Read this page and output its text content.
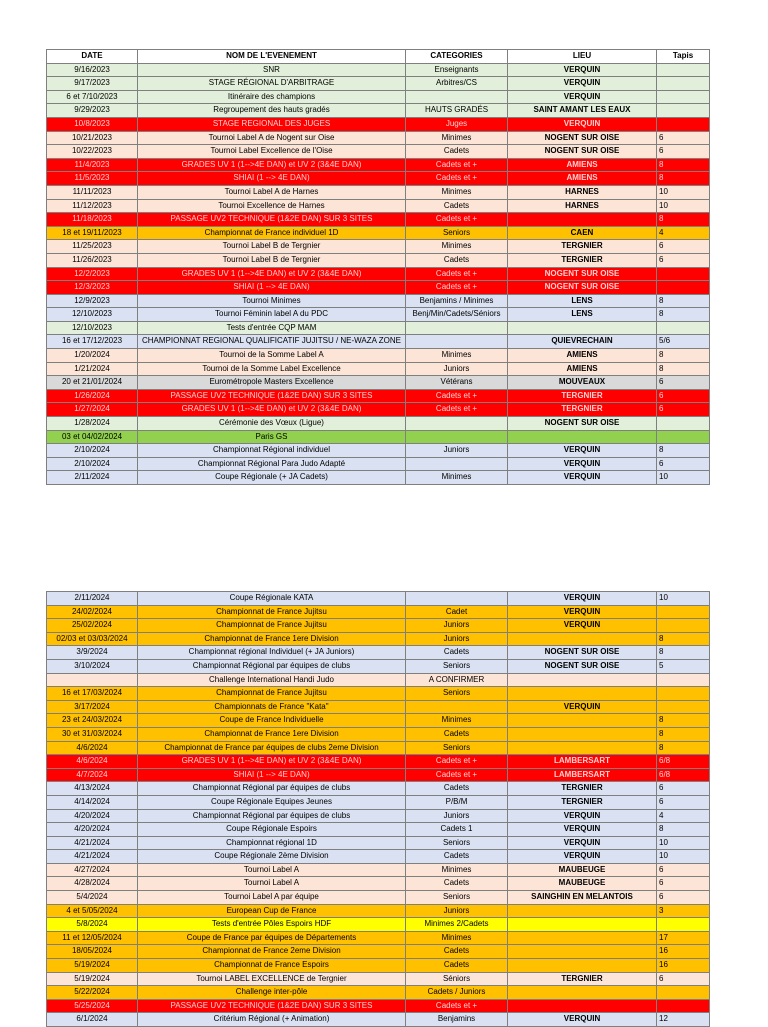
DATE	NOM DE L'EVENEMENT	CATEGORIES	LIEU	Tapis
9/16/2023	SNR	Enseignants	VERQUIN	
9/17/2023	STAGE RÉGIONAL D'ARBITRAGE	Arbitres/CS	VERQUIN	
6 et 7/10/2023	Itinéraire des champions		VERQUIN	
9/29/2023	Regroupement des hauts gradés	HAUTS GRADÉS	SAINT AMANT LES EAUX	
10/8/2023	STAGE REGIONAL DES JUGES	Juges	VERQUIN	
10/21/2023	Tournoi Label A de Nogent sur Oise	Minimes	NOGENT SUR OISE	6
10/22/2023	Tournoi Label Excellence de l'Oise	Cadets	NOGENT SUR OISE	6
11/4/2023	GRADES UV 1 (1-->4E DAN) et UV 2 (3&4E DAN)	Cadets et +	AMIENS	8
11/5/2023	SHIAI (1 --> 4E DAN)	Cadets et +	AMIENS	8
11/11/2023	Tournoi Label A de Harnes	Minimes	HARNES	10
11/12/2023	Tournoi Excellence de Harnes	Cadets	HARNES	10
11/18/2023	PASSAGE UV2 TECHNIQUE (1&2E DAN) SUR 3 SITES	Cadets et +		8
18 et 19/11/2023	Championnat de France individuel 1D	Seniors	CAEN	4
11/25/2023	Tournoi Label B de Tergnier	Minimes	TERGNIER	6
11/26/2023	Tournoi Label B de Tergnier	Cadets	TERGNIER	6
12/2/2023	GRADES UV 1 (1-->4E DAN) et UV 2 (3&4E DAN)	Cadets et +	NOGENT SUR OISE	
12/3/2023	SHIAI (1 --> 4E DAN)	Cadets et +	NOGENT SUR OISE	
12/9/2023	Tournoi Minimes	Benjamins / Minimes	LENS	8
12/10/2023	Tournoi Féminin label A du PDC	Benj/Min/Cadets/Séniors	LENS	8
12/10/2023	Tests d'entrée CQP MAM			
16 et 17/12/2023	CHAMPIONNAT REGIONAL QUALIFICATIF JUJITSU / NE-WAZA ZONE		QUIEVRECHAIN	5/6
1/20/2024	Tournoi de la Somme Label A	Minimes	AMIENS	8
1/21/2024	Tournoi de la Somme Label Excellence	Juniors	AMIENS	8
20 et 21/01/2024	Eurométropole Masters Excellence	Vétérans	MOUVEAUX	6
1/26/2024	PASSAGE UV2 TECHNIQUE (1&2E DAN) SUR 3 SITES	Cadets et +	TERGNIER	6
1/27/2024	GRADES UV 1 (1-->4E DAN) et UV 2 (3&4E DAN)	Cadets et +	TERGNIER	6
1/28/2024	Cérémonie des Vœux (Ligue)		NOGENT SUR OISE	
03 et 04/02/2024	Paris GS			
2/10/2024	Championnat Régional individuel	Juniors	VERQUIN	8
2/10/2024	Championnat Régional Para Judo Adapté		VERQUIN	6
2/11/2024	Coupe Régionale (+ JA Cadets)	Minimes	VERQUIN	10
2/11/2024	Coupe Régionale KATA		VERQUIN	10
24/02/2024	Championnat de France Jujitsu	Cadet	VERQUIN	
25/02/2024	Championnat de France Jujitsu	Juniors	VERQUIN	
02/03 et 03/03/2024	Championnat de France 1ere Division	Juniors		8
3/9/2024	Championnat régional Individuel (+ JA Juniors)	Cadets	NOGENT SUR OISE	8
3/10/2024	Championnat Régional par équipes de clubs	Seniors	NOGENT SUR OISE	5
	Challenge International Handi Judo	A CONFIRMER		
16 et 17/03/2024	Championnat de France Jujitsu	Seniors		
3/17/2024	Championnats de France "Kata"		VERQUIN	
23 et 24/03/2024	Coupe de France Individuelle	Minimes		8
30 et 31/03/2024	Championnat de France 1ere Division	Cadets		8
4/6/2024	Championnat de France par équipes de clubs 2eme Division	Seniors		8
4/6/2024	GRADES UV 1 (1-->4E DAN) et UV 2 (3&4E DAN)	Cadets et +	LAMBERSART	6/8
4/7/2024	SHIAI (1 --> 4E DAN)	Cadets et +	LAMBERSART	6/8
4/13/2024	Championnat Régional par équipes de clubs	Cadets	TERGNIER	6
4/14/2024	Coupe Régionale Equipes Jeunes	P/B/M	TERGNIER	6
4/20/2024	Championnat Régional par équipes de clubs	Juniors	VERQUIN	4
4/20/2024	Coupe Régionale Espoirs	Cadets 1	VERQUIN	8
4/21/2024	Championnat régional 1D	Seniors	VERQUIN	10
4/21/2024	Coupe Régionale 2ème Division	Cadets	VERQUIN	10
4/27/2024	Tournoi Label A	Minimes	MAUBEUGE	6
4/28/2024	Tournoi Label A	Cadets	MAUBEUGE	6
5/4/2024	Tournoi Label A par équipe	Seniors	SAINGHIN EN MELANTOIS	6
4 et 5/05/2024	European Cup de France	Juniors		3
5/8/2024	Tests d'entrée Pôles Espoirs HDF	Minimes 2/Cadets		
11 et 12/05/2024	Coupe de France par équipes de Départements	Minimes		17
18/05/2024	Championnat de France 2eme Division	Cadets		16
5/19/2024	Championnat de France Espoirs	Cadets		16
5/19/2024	Tournoi LABEL EXCELLENCE de Tergnier	Séniors	TERGNIER	6
5/22/2024	Challenge inter-pôle	Cadets / Juniors		
5/25/2024	PASSAGE UV2 TECHNIQUE (1&2E DAN) SUR 3 SITES	Cadets et +		
6/1/2024	Critérium Régional (+ Animation)	Benjamins	VERQUIN	12
